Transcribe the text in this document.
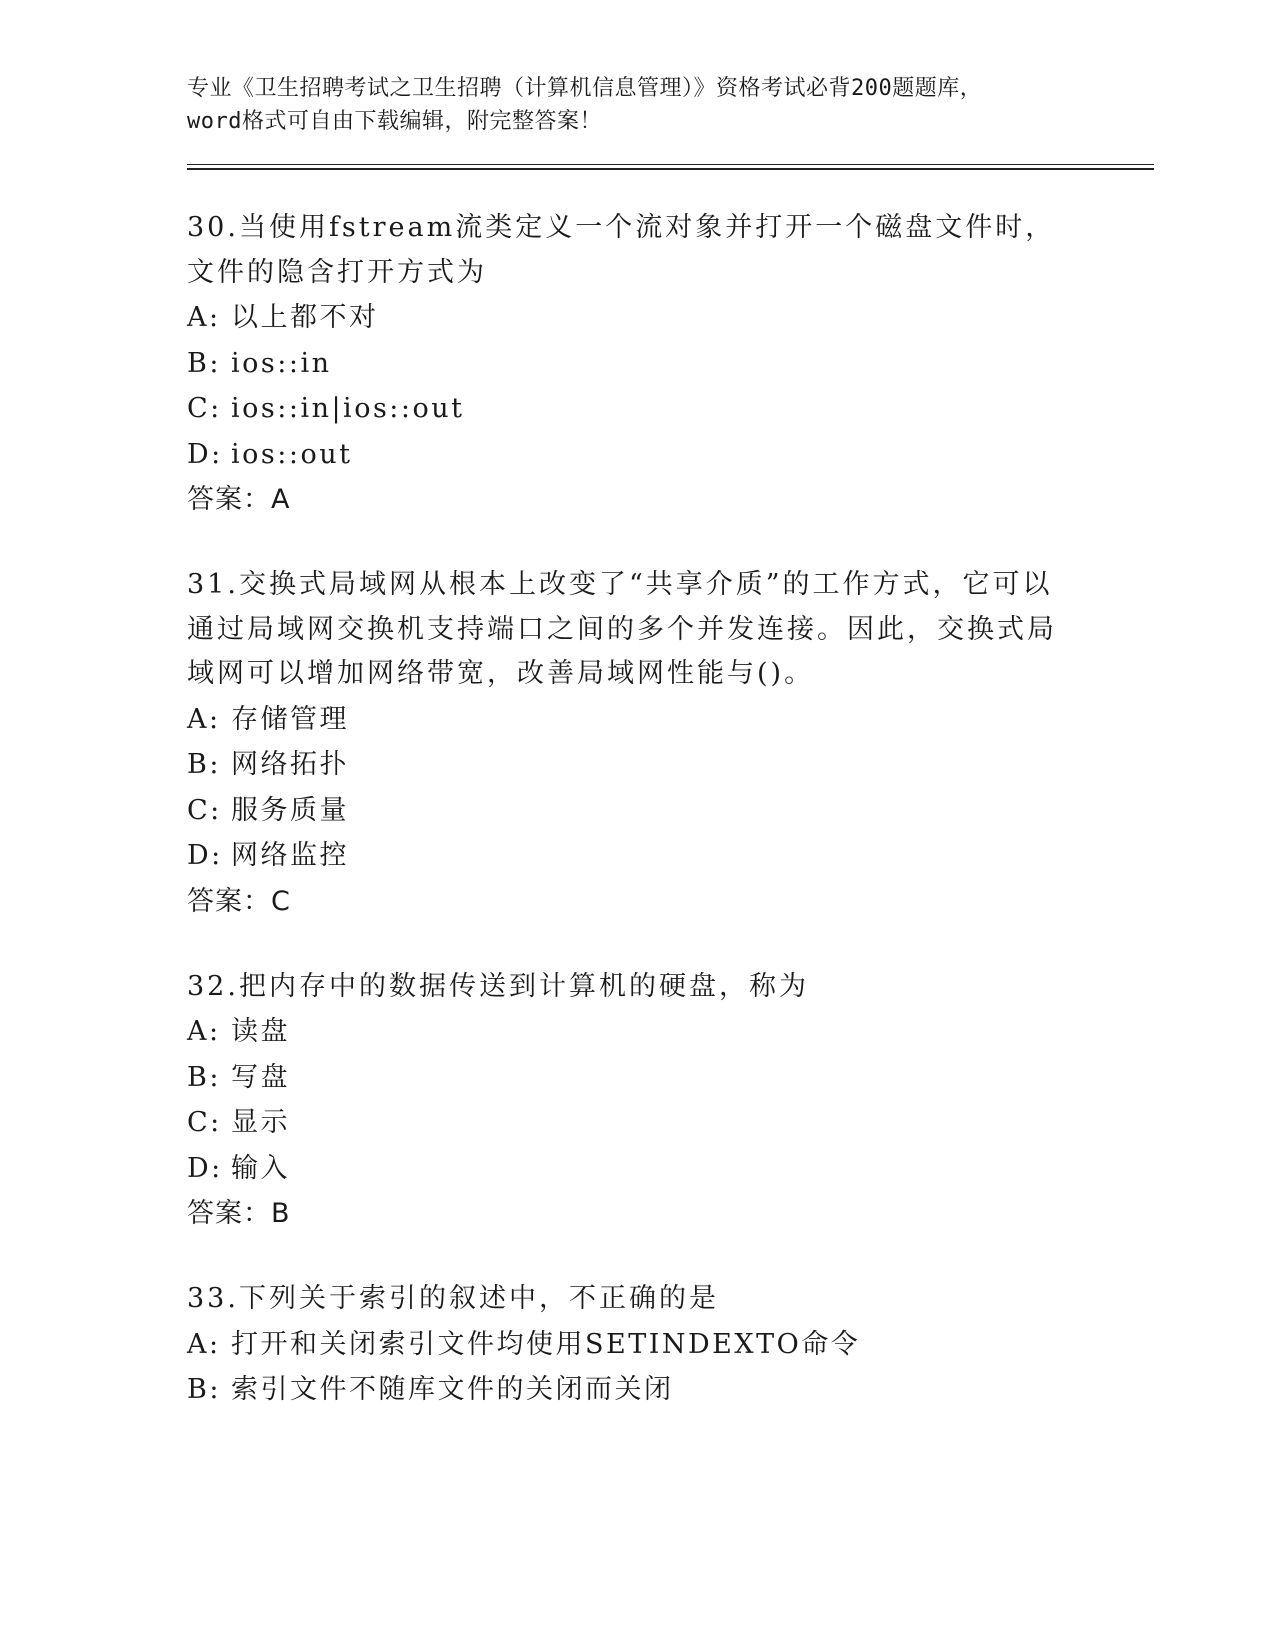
专业《卫生招聘考试之卫生招聘（计算机信息管理）》资格考试必背200题题库，
word格式可自由下载编辑，附完整答案！

30.当使用fstream流类定义一个流对象并打开一个磁盘文件时，文件的隐含打开方式为

A: 以上都不对

B: ios::in

C: ios::in|ios::out

D: ios::out

答案：A

31.交换式局域网从根本上改变了“共享介质”的工作方式，它可以通过局域网交换机支持端口之间的多个并发连接。因此，交换式局域网可以增加网络带宽，改善局域网性能与()。

A: 存储管理

B: 网络拓扑

C: 服务质量

D: 网络监控

答案：C

32.把内存中的数据传送到计算机的硬盘，称为

A: 读盘

B: 写盘

C: 显示

D: 输入

答案：B

33.下列关于索引的叙述中，不正确的是

A: 打开和关闭索引文件均使用SETINDEXTO命令

B: 索引文件不随库文件的关闭而关闭
